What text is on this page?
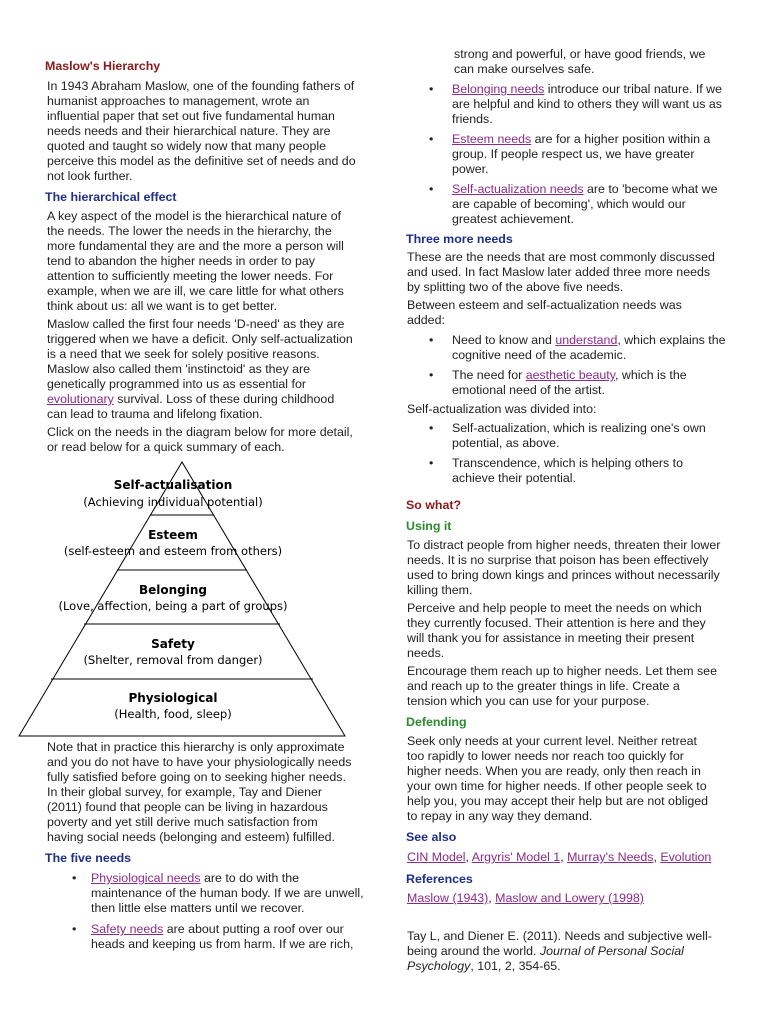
Maslow's Hierarchy

In 1943 Abraham Maslow, one of the founding fathers of humanist approaches to management, wrote an influential paper that set out five fundamental human needs needs and their hierarchical nature. They are quoted and taught so widely now that many people perceive this model as the definitive set of needs and do not look further.

The hierarchical effect

A key aspect of the model is the hierarchical nature of the needs. The lower the needs in the hierarchy, the more fundamental they are and the more a person will tend to abandon the higher needs in order to pay attention to sufficiently meeting the lower needs. For example, when we are ill, we care little for what others think about us: all we want is to get better.

Maslow called the first four needs 'D-need' as they are triggered when we have a deficit. Only self-actualization is a need that we seek for solely positive reasons. Maslow also called them 'instinctoid' as they are genetically programmed into us as essential for evolutionary survival. Loss of these during childhood can lead to trauma and lifelong fixation.

Click on the needs in the diagram below for more detail, or read below for a quick summary of each.

Self-actualisation
(Achieving individual potential)
Esteem
(self-esteem and esteem from others)
Belonging
(Love, affection, being a part of groups)
Safety
(Shelter, removal from danger)
Physiological
(Health, food, sleep)

Note that in practice this hierarchy is only approximate and you do not have to have your physiologically needs fully satisfied before going on to seeking higher needs. In their global survey, for example, Tay and Diener (2011) found that people can be living in hazardous poverty and yet still derive much satisfaction from having social needs (belonging and esteem) fulfilled.

The five needs
• Physiological needs are to do with the maintenance of the human body. If we are unwell, then little else matters until we recover.
• Safety needs are about putting a roof over our heads and keeping us from harm. If we are rich,

strong and powerful, or have good friends, we can make ourselves safe.

• Belonging needs introduce our tribal nature. If we are helpful and kind to others they will want us as friends.
• Esteem needs are for a higher position within a group. If people respect us, we have greater power.
• Self-actualization needs are to 'become what we are capable of becoming', which would our greatest achievement.
Three more needs

These are the needs that are most commonly discussed and used. In fact Maslow later added three more needs by splitting two of the above five needs.

Between esteem and self-actualization needs was added:

• Need to know and understand, which explains the cognitive need of the academic.
• The need for aesthetic beauty, which is the emotional need of the artist.

Self-actualization was divided into:

• Self-actualization, which is realizing one's own potential, as above.
• Transcendence, which is helping others to achieve their potential.
So what?
Using it

To distract people from higher needs, threaten their lower needs. It is no surprise that poison has been effectively used to bring down kings and princes without necessarily killing them.

Perceive and help people to meet the needs on which they currently focused. Their attention is here and they will thank you for assistance in meeting their present needs.

Encourage them reach up to higher needs. Let them see and reach up to the greater things in life. Create a tension which you can use for your purpose.

Defending

Seek only needs at your current level. Neither retreat too rapidly to lower needs nor reach too quickly for higher needs. When you are ready, only then reach in your own time for higher needs. If other people seek to help you, you may accept their help but are not obliged to repay in any way they demand.

See also

CIN Model, Argyris' Model 1, Murray's Needs, Evolution

References

Maslow (1943), Maslow and Lowery (1998)

Tay L, and Diener E. (2011). Needs and subjective well-being around the world. Journal of Personal Social Psychology, 101, 2, 354-65.
